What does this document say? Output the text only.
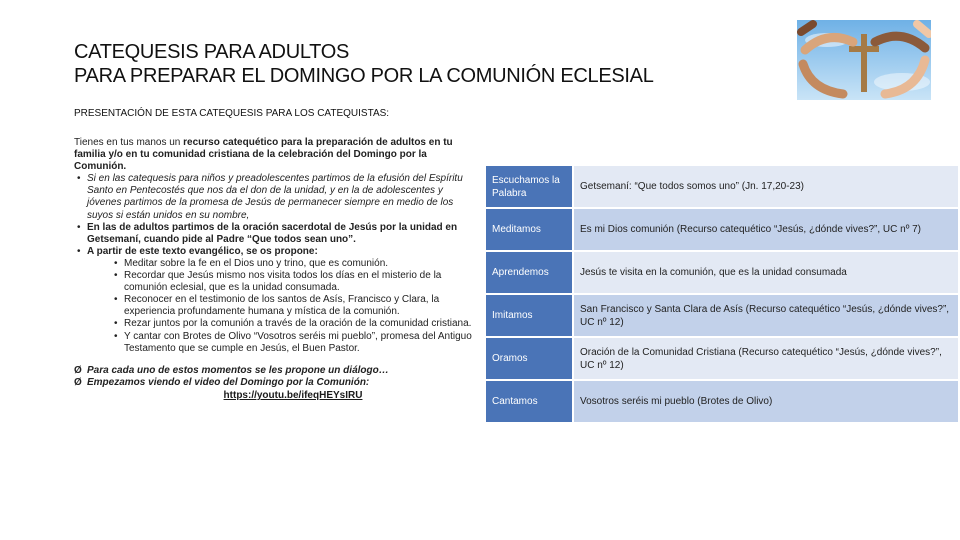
CATEQUESIS PARA ADULTOS
PARA PREPARAR EL DOMINGO POR LA COMUNIÓN ECLESIAL
PRESENTACIÓN DE ESTA CATEQUESIS PARA LOS CATEQUISTAS:

Tienes en tus manos un recurso catequético para la preparación de adultos en tu familia y/o en tu comunidad cristiana de la celebración del Domingo por la Comunión.

• Si en las catequesis para niños y preadolescentes partimos de la efusión del Espíritu Santo en Pentecostés que nos da el don de la unidad, y en la de adolescentes y jóvenes partimos de la promesa de Jesús de permanecer siempre en medio de los suyos si están unidos en su nombre,
• En las de adultos partimos de la oración sacerdotal de Jesús por la unidad en Getsemaní, cuando pide al Padre “Que todos sean uno”.
• A partir de este texto evangélico, se os propone:
• Meditar sobre la fe en el Dios uno y trino, que es comunión.
• Recordar que Jesús mismo nos visita todos los días en el misterio de la comunión eclesial, que es la unidad consumada.
• Reconocer en el testimonio de los santos de Asís, Francisco y Clara, la experiencia profundamente humana y mística de la comunión.
• Rezar juntos por la comunión a través de la oración de la comunidad cristiana.
• Y cantar con Brotes de Olivo “Vosotros seréis mi pueblo”, promesa del Antiguo Testamento que se cumple en Jesús, el Buen Pastor.
Ø Para cada uno de estos momentos se les propone un diálogo…
Ø Empezamos viendo el video del Domingo por la Comunión:
https://youtu.be/ifeqHEYsIRU
Escuchamos la Palabra	Getsemaní: “Que todos somos uno” (Jn. 17,20-23)
Meditamos	Es mi Dios comunión (Recurso catequético “Jesús, ¿dónde vives?”, UC nº 7)
Aprendemos	Jesús te visita en la comunión, que es la unidad consumada
Imitamos	San Francisco y Santa Clara de Asís (Recurso catequético “Jesús, ¿dónde vives?”, UC nº 12)
Oramos	Oración de la Comunidad Cristiana (Recurso catequético “Jesús, ¿dónde vives?”, UC nº 12)
Cantamos	Vosotros seréis mi pueblo (Brotes de Olivo)
